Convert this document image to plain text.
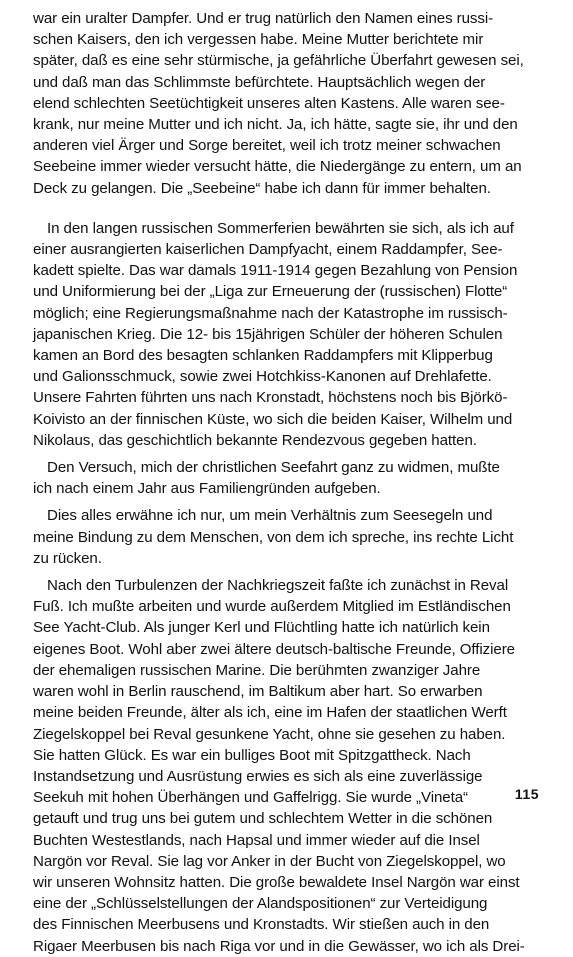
war ein uralter Dampfer. Und er trug natürlich den Namen eines russi-
schen Kaisers, den ich vergessen habe. Meine Mutter berichtete mir
später, daß es eine sehr stürmische, ja gefährliche Überfahrt gewesen sei,
und daß man das Schlimmste befürchtete. Hauptsächlich wegen der
elend schlechten Seetüchtigkeit unseres alten Kastens. Alle waren see-
krank, nur meine Mutter und ich nicht. Ja, ich hätte, sagte sie, ihr und den
anderen viel Ärger und Sorge bereitet, weil ich trotz meiner schwachen
Seebeine immer wieder versucht hätte, die Niedergänge zu entern, um an
Deck zu gelangen. Die „Seebeine“ habe ich dann für immer behalten.

In den langen russischen Sommerferien bewährten sie sich, als ich auf
einer ausrangierten kaiserlichen Dampfyacht, einem Raddampfer, See-
kadett spielte. Das war damals 1911-1914 gegen Bezahlung von Pension
und Uniformierung bei der „Liga zur Erneuerung der (russischen) Flotte“
möglich; eine Regierungsmaßnahme nach der Katastrophe im russisch-
japanischen Krieg. Die 12- bis 15jährigen Schüler der höheren Schulen
kamen an Bord des besagten schlanken Raddampfers mit Klipperbug
und Galionsschmuck, sowie zwei Hotchkiss-Kanonen auf Drehlafette.
Unsere Fahrten führten uns nach Kronstadt, höchstens noch bis Björkö-
Koivisto an der finnischen Küste, wo sich die beiden Kaiser, Wilhelm und
Nikolaus, das geschichtlich bekannte Rendezvous gegeben hatten.

Den Versuch, mich der christlichen Seefahrt ganz zu widmen, mußte
ich nach einem Jahr aus Familiengründen aufgeben.

Dies alles erwähne ich nur, um mein Verhältnis zum Seesegeln und
meine Bindung zu dem Menschen, von dem ich spreche, ins rechte Licht
zu rücken.

Nach den Turbulenzen der Nachkriegszeit faßte ich zunächst in Reval
Fuß. Ich mußte arbeiten und wurde außerdem Mitglied im Estländischen
See Yacht-Club. Als junger Kerl und Flüchtling hatte ich natürlich kein
eigenes Boot. Wohl aber zwei ältere deutsch-baltische Freunde, Offiziere
der ehemaligen russischen Marine. Die berühmten zwanziger Jahre
waren wohl in Berlin rauschend, im Baltikum aber hart. So erwarben
meine beiden Freunde, älter als ich, eine im Hafen der staatlichen Werft
Ziegelskoppel bei Reval gesunkene Yacht, ohne sie gesehen zu haben.
Sie hatten Glück. Es war ein bulliges Boot mit Spitzgattheck. Nach
Instandsetzung und Ausrüstung erwies es sich als eine zuverlässige
Seekuh mit hohen Überhängen und Gaffelrigg. Sie wurde „Vineta“
getauft und trug uns bei gutem und schlechtem Wetter in die schönen
Buchten Westestlands, nach Hapsal und immer wieder auf die Insel
Nargön vor Reval. Sie lag vor Anker in der Bucht von Ziegelskoppel, wo
wir unseren Wohnsitz hatten. Die große bewaldete Insel Nargön war einst
eine der „Schlüsselstellungen der Alandspositionen“ zur Verteidigung
des Finnischen Meerbusens und Kronstadts. Wir stießen auch in den
Rigaer Meerbusen bis nach Riga vor und in die Gewässer, wo ich als Drei-

115
